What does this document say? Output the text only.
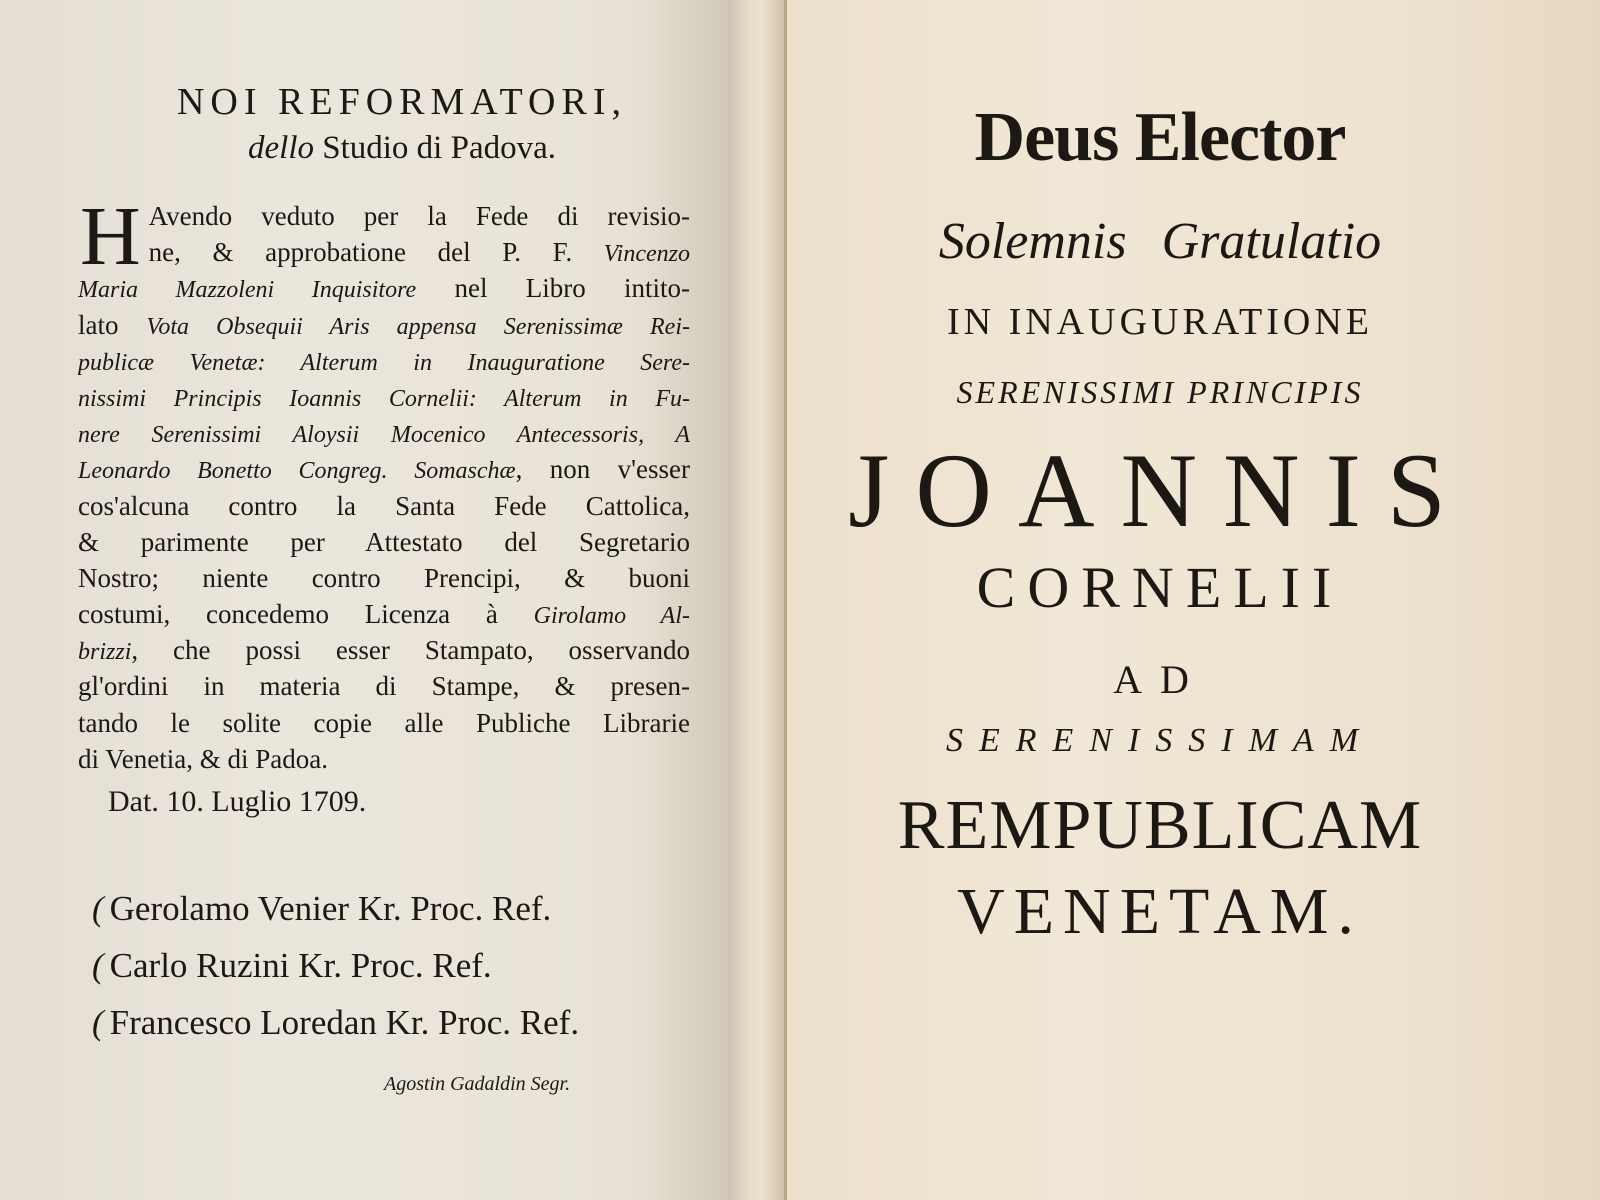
NOI REFORMATORI,
dello Studio di Padova.
H Avendo veduto per la Fede di revisio-
ne, & approbatione del P. F. Vincenzo
Maria Mazzoleni Inquisitore nel Libro intito-
lato Vota Obsequii Aris appensa Serenissimæ Rei-
publicæ Venetæ: Alterum in Inauguratione Sere-
nissimi Principis Ioannis Cornelii: Alterum in Fu-
nere Serenissimi Aloysii Mocenico Antecessoris, A
Leonardo Bonetto Congreg. Somaschæ, non v'esser
cos'alcuna contro la Santa Fede Cattolica,
& parimente per Attestato del Segretario
Nostro; niente contro Prencipi, & buoni
costumi, concedemo Licenza à Girolamo Al-
brizzi, che possi esser Stampato, osservando
gl'ordini in materia di Stampe, & presen-
tando le solite copie alle Publiche Librarie
di Venetia, & di Padoa.

Dat. 10. Luglio 1709.

( Gerolamo Venier Kr. Proc. Ref.
( Carlo Ruzini Kr. Proc. Ref.
( Francesco Loredan Kr. Proc. Ref.

Agostin Gadaldin Segr.

Deus Elector
Solemnis Gratulatio

IN INAUGURATIONE

SERENISSIMI PRINCIPIS

JOANNIS

CORNELII

AD

SERENISSIMAM

REMPUBLICAM

VENETAM.
